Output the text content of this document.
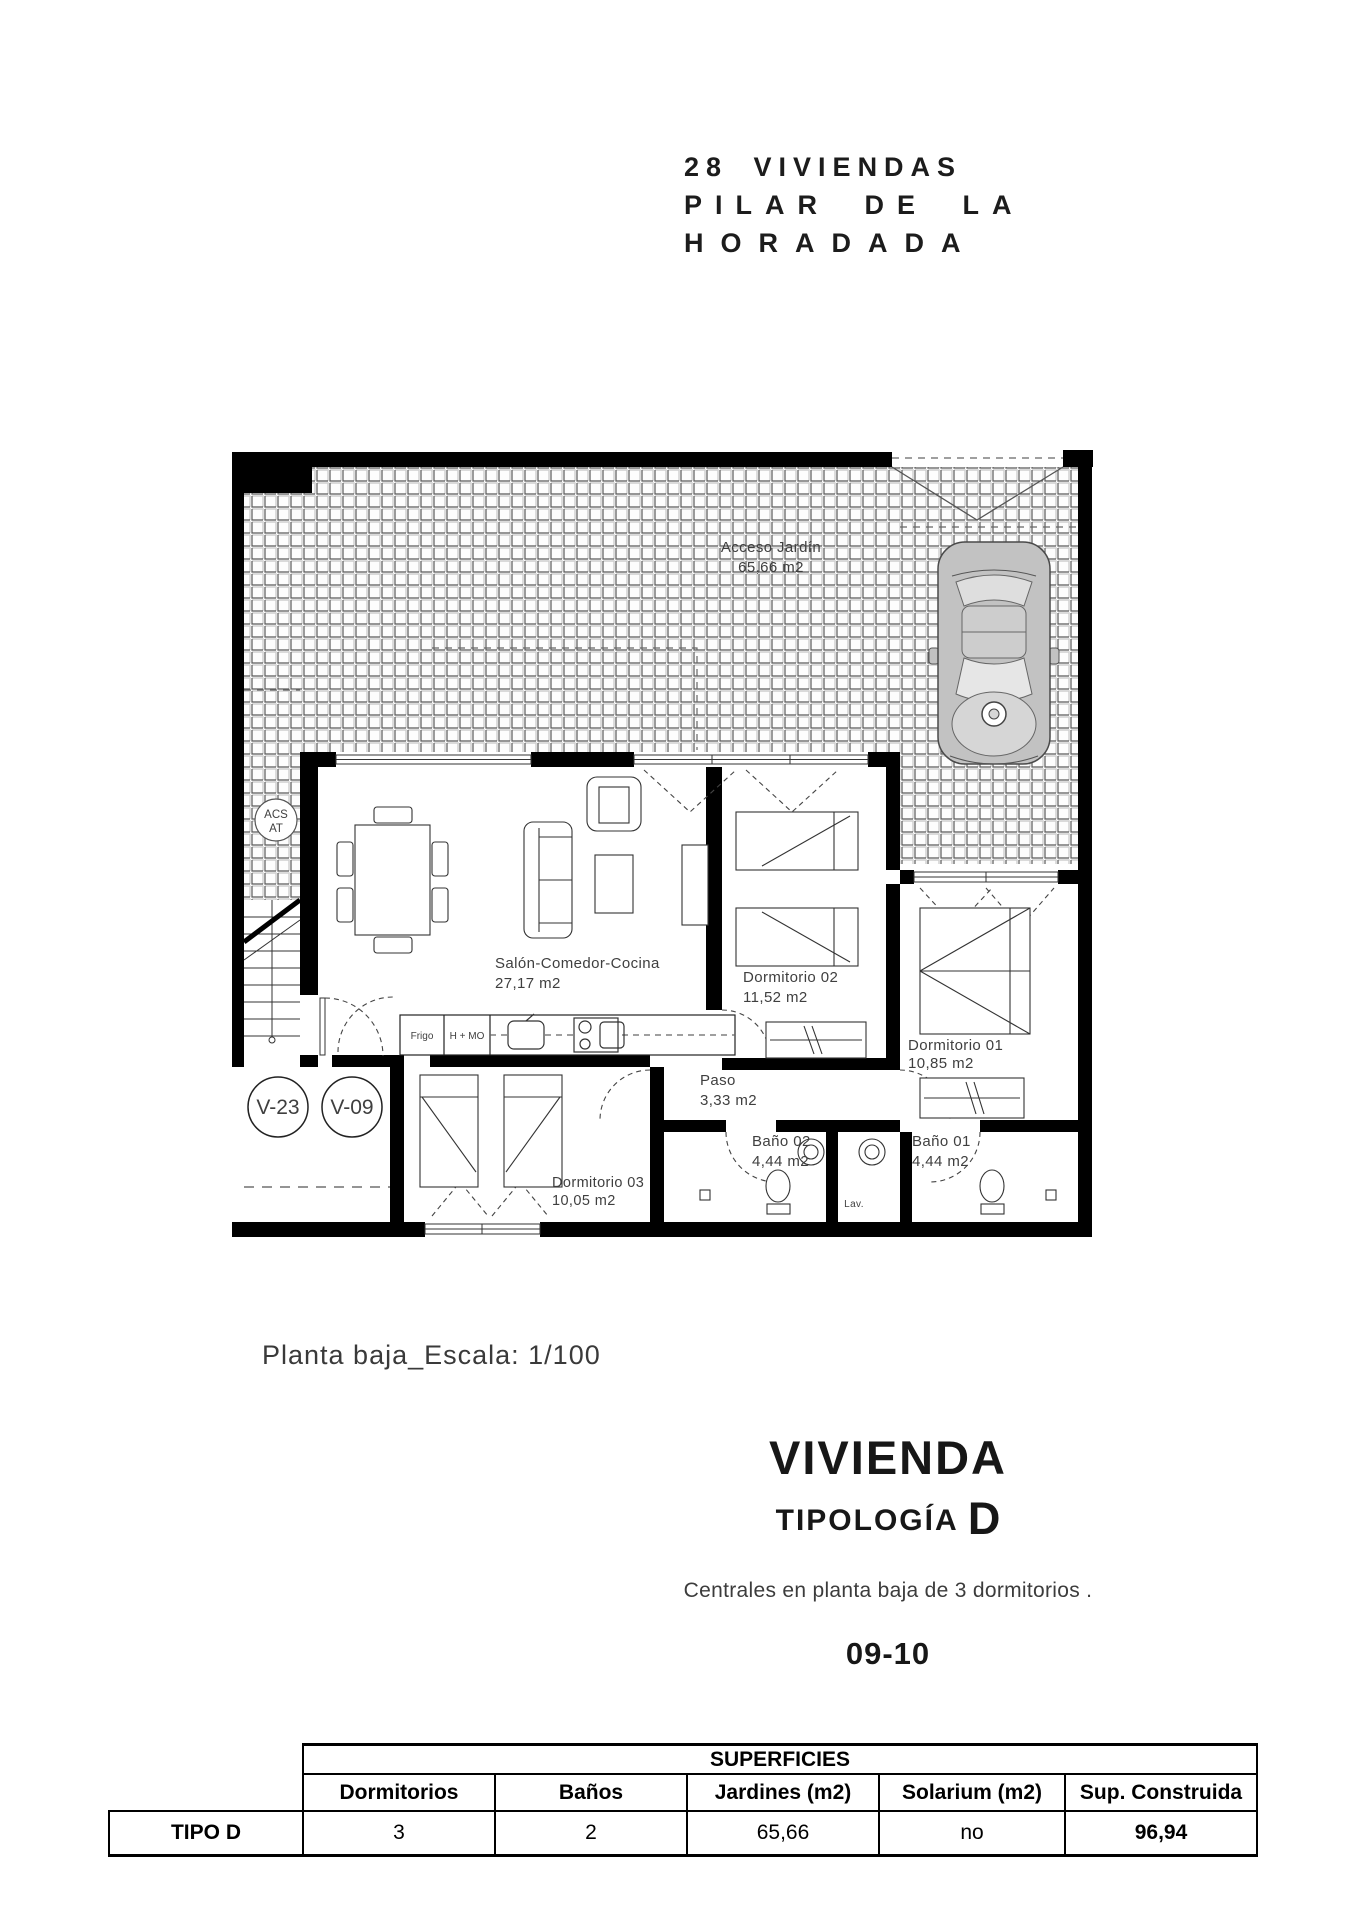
28 VIVIENDAS
PILAR DE LA
HORADADA
Frigo H + MO
ACS
AT
V-23 V-09
Acceso Jardín
65,66 m2
Salón-Comedor-Cocina
27,17 m2	Dormitorio 02
11,52 m2
Dormitorio 01
10,85 m2
Dormitorio 03
10,05 m2
Paso
3,33 m2
Baño 02
4,44 m2
Baño 01
4,44 m2
Lav.
Planta baja_Escala: 1/100
VIVIENDA
TIPOLOGÍA D
Centrales en planta baja de 3 dormitorios .
09-10
	SUPERFICIES				
	Dormitorios	Baños	Jardines (m2)	Solarium (m2)	Sup. Construida
TIPO D	3	2	65,66	no	96,94
